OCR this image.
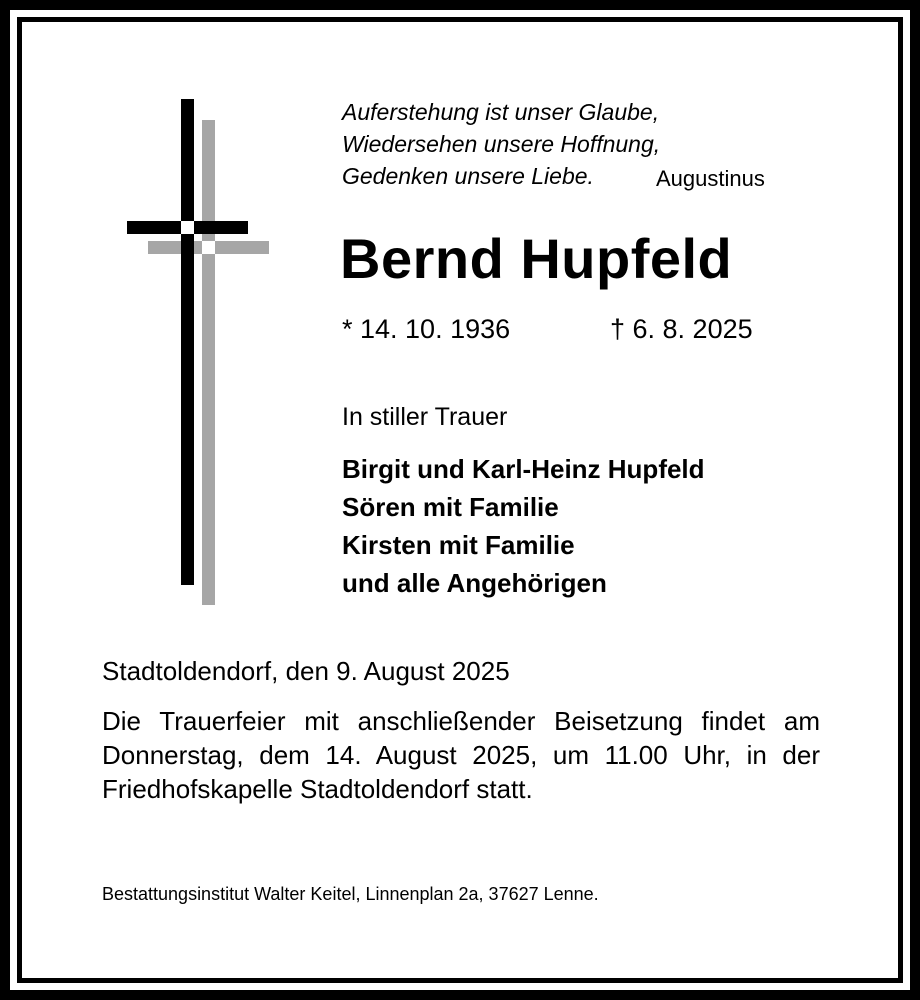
Auferstehung ist unser Glaube,
Wiedersehen unsere Hoffnung,
Gedenken unsere Liebe.	Augustinus
Bernd Hupfeld
* 14. 10. 1936	† 6. 8. 2025
In stiller Trauer
Birgit und Karl-Heinz Hupfeld
Sören mit Familie
Kirsten mit Familie
und alle Angehörigen
Stadtoldendorf, den 9. August 2025
Die Trauerfeier mit anschließender Beisetzung findet am Donnerstag, dem 14. August 2025, um 11.00 Uhr, in der Friedhofskapelle Stadtoldendorf statt.
Bestattungsinstitut Walter Keitel, Linnenplan 2a, 37627 Lenne.
